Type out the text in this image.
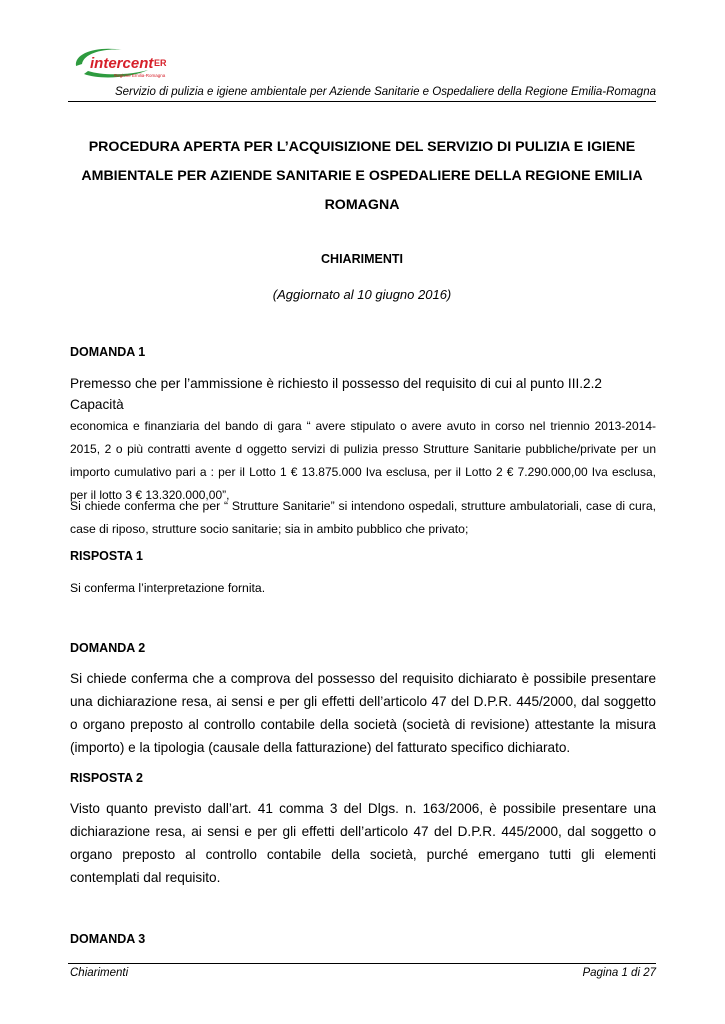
intercent ER
Regione Emilia-Romagna
Servizio di pulizia e igiene ambientale per Aziende Sanitarie e Ospedaliere della Regione Emilia-Romagna
PROCEDURA APERTA PER L’ACQUISIZIONE DEL SERVIZIO DI PULIZIA E IGIENE AMBIENTALE PER AZIENDE SANITARIE E OSPEDALIERE DELLA REGIONE EMILIA ROMAGNA
CHIARIMENTI
(Aggiornato al 10 giugno 2016)
DOMANDA 1
Premesso che per l’ammissione è richiesto il possesso del requisito di cui al punto III.2.2 Capacità
economica e finanziaria del bando di gara “ avere stipulato o avere avuto in corso nel triennio 2013-2014-2015, 2 o più contratti avente d oggetto servizi di pulizia presso Strutture Sanitarie pubbliche/private per un importo cumulativo pari a : per il Lotto 1 € 13.875.000 Iva esclusa, per il Lotto 2 € 7.290.000,00 Iva esclusa, per il lotto 3 € 13.320.000,00”,
Si chiede conferma che per “ Strutture Sanitarie” si intendono ospedali, strutture ambulatoriali, case di cura, case di riposo, strutture socio sanitarie; sia in ambito pubblico che privato;
RISPOSTA 1
Si conferma l’interpretazione fornita.
DOMANDA 2
Si chiede conferma che a comprova del possesso del requisito dichiarato è possibile presentare una dichiarazione resa, ai sensi e per gli effetti dell’articolo 47 del D.P.R. 445/2000, dal soggetto o organo preposto al controllo contabile della società (società di revisione) attestante la misura (importo) e la tipologia (causale della fatturazione) del fatturato specifico dichiarato.
RISPOSTA 2
Visto quanto previsto dall’art. 41 comma 3 del Dlgs. n. 163/2006, è possibile presentare una dichiarazione resa, ai sensi e per gli effetti dell’articolo 47 del D.P.R. 445/2000, dal soggetto o organo preposto al controllo contabile della società, purché emergano tutti gli elementi contemplati dal requisito.
DOMANDA 3
Chiarimenti	Pagina 1 di 27
